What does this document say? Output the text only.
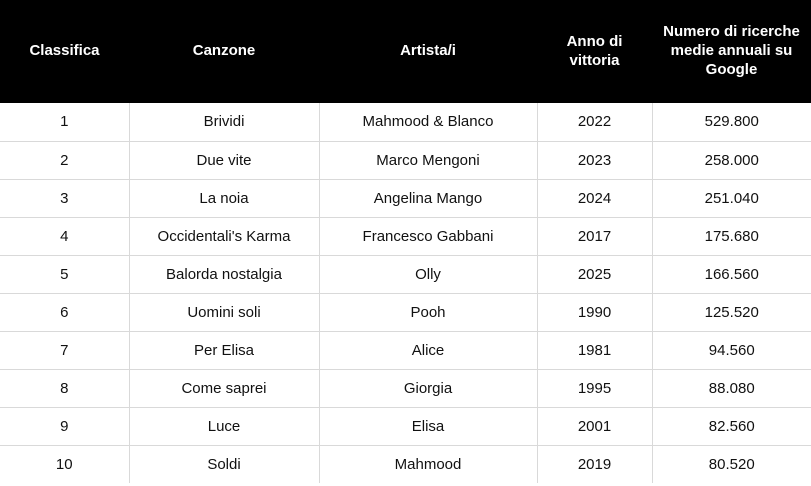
Classifica	Canzone	Artista/i	Anno di vittoria	Numero di ricerche medie annuali su Google
1	Brividi	Mahmood & Blanco	2022	529.800
2	Due vite	Marco Mengoni	2023	258.000
3	La noia	Angelina Mango	2024	251.040
4	Occidentali's Karma	Francesco Gabbani	2017	175.680
5	Balorda nostalgia	Olly	2025	166.560
6	Uomini soli	Pooh	1990	125.520
7	Per Elisa	Alice	1981	94.560
8	Come saprei	Giorgia	1995	88.080
9	Luce	Elisa	2001	82.560
10	Soldi	Mahmood	2019	80.520
